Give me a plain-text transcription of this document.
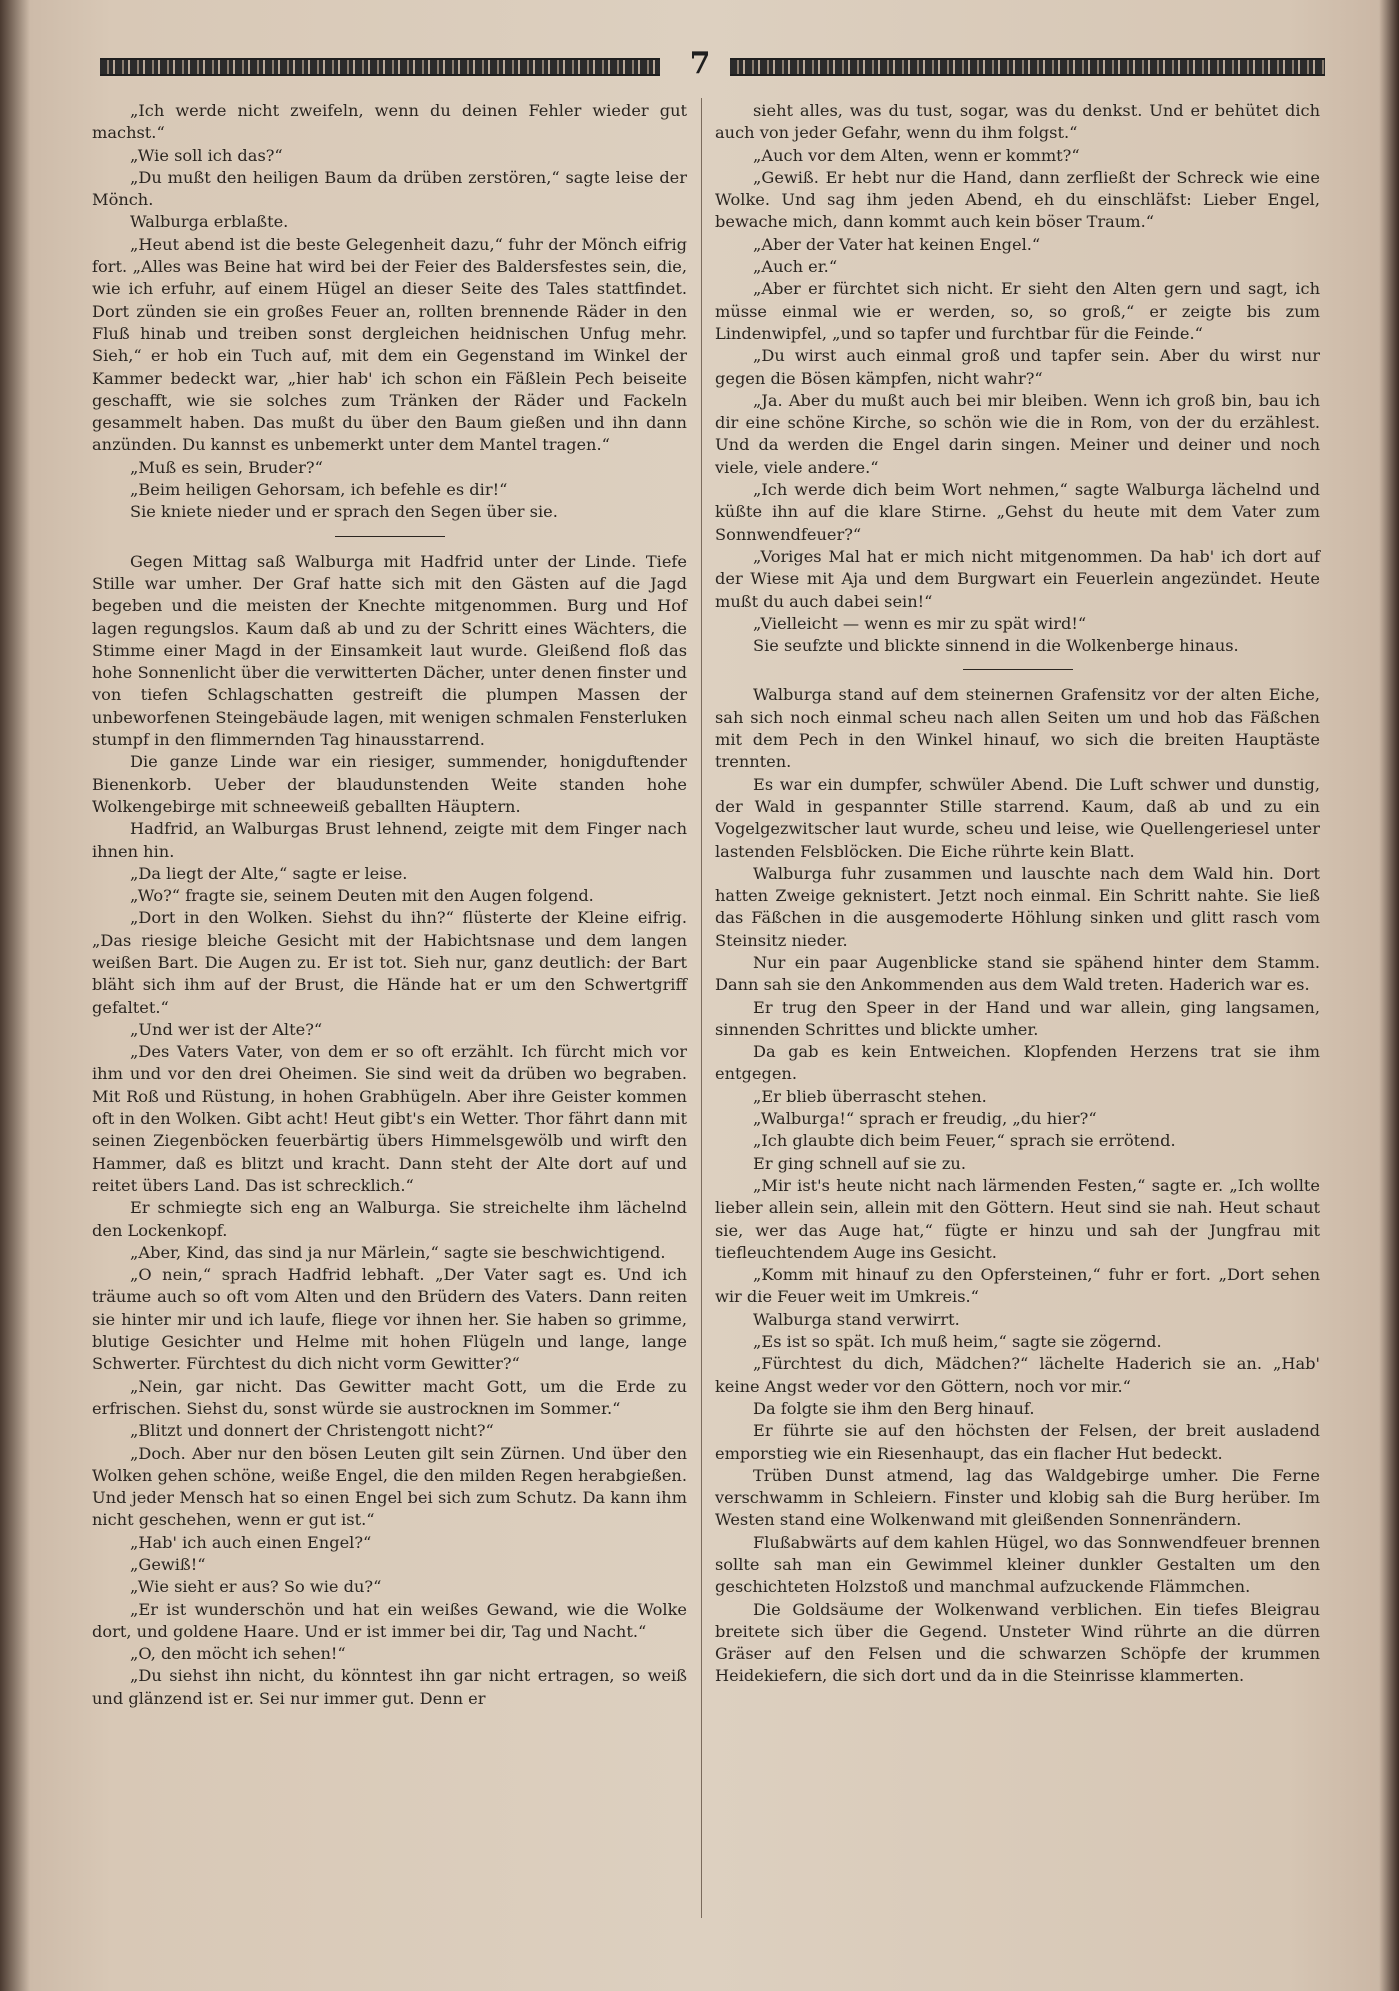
7

„Ich werde nicht zweifeln, wenn du deinen Fehler wieder gut machst.“

„Wie soll ich das?“

„Du mußt den heiligen Baum da drüben zerstören,“ sagte leise der Mönch.

Walburga erblaßte.

„Heut abend ist die beste Gelegenheit dazu,“ fuhr der Mönch eifrig fort. „Alles was Beine hat wird bei der Feier des Baldersfestes sein, die, wie ich erfuhr, auf einem Hügel an dieser Seite des Tales stattfindet. Dort zünden sie ein großes Feuer an, rollten brennende Räder in den Fluß hinab und treiben sonst dergleichen heidnischen Unfug mehr. Sieh,“ er hob ein Tuch auf, mit dem ein Gegenstand im Winkel der Kammer bedeckt war, „hier hab' ich schon ein Fäßlein Pech beiseite geschafft, wie sie solches zum Tränken der Räder und Fackeln gesammelt haben. Das mußt du über den Baum gießen und ihn dann anzünden. Du kannst es unbemerkt unter dem Mantel tragen.“

„Muß es sein, Bruder?“

„Beim heiligen Gehorsam, ich befehle es dir!“

Sie kniete nieder und er sprach den Segen über sie.

Gegen Mittag saß Walburga mit Hadfrid unter der Linde. Tiefe Stille war umher. Der Graf hatte sich mit den Gästen auf die Jagd begeben und die meisten der Knechte mitgenommen. Burg und Hof lagen regungslos. Kaum daß ab und zu der Schritt eines Wächters, die Stimme einer Magd in der Einsamkeit laut wurde. Gleißend floß das hohe Sonnenlicht über die verwitterten Dächer, unter denen finster und von tiefen Schlagschatten gestreift die plumpen Massen der unbeworfenen Steingebäude lagen, mit wenigen schmalen Fensterluken stumpf in den flimmernden Tag hinausstarrend.

Die ganze Linde war ein riesiger, summender, honigduftender Bienenkorb. Ueber der blaudunstenden Weite standen hohe Wolkengebirge mit schneeweiß geballten Häuptern.

Hadfrid, an Walburgas Brust lehnend, zeigte mit dem Finger nach ihnen hin.

„Da liegt der Alte,“ sagte er leise.

„Wo?“ fragte sie, seinem Deuten mit den Augen folgend.

„Dort in den Wolken. Siehst du ihn?“ flüsterte der Kleine eifrig. „Das riesige bleiche Gesicht mit der Habichtsnase und dem langen weißen Bart. Die Augen zu. Er ist tot. Sieh nur, ganz deutlich: der Bart bläht sich ihm auf der Brust, die Hände hat er um den Schwertgriff gefaltet.“

„Und wer ist der Alte?“

„Des Vaters Vater, von dem er so oft erzählt. Ich fürcht mich vor ihm und vor den drei Oheimen. Sie sind weit da drüben wo begraben. Mit Roß und Rüstung, in hohen Grabhügeln. Aber ihre Geister kommen oft in den Wolken. Gibt acht! Heut gibt's ein Wetter. Thor fährt dann mit seinen Ziegenböcken feuerbärtig übers Himmelsgewölb und wirft den Hammer, daß es blitzt und kracht. Dann steht der Alte dort auf und reitet übers Land. Das ist schrecklich.“

Er schmiegte sich eng an Walburga. Sie streichelte ihm lächelnd den Lockenkopf.

„Aber, Kind, das sind ja nur Märlein,“ sagte sie beschwichtigend.

„O nein,“ sprach Hadfrid lebhaft. „Der Vater sagt es. Und ich träume auch so oft vom Alten und den Brüdern des Vaters. Dann reiten sie hinter mir und ich laufe, fliege vor ihnen her. Sie haben so grimme, blutige Gesichter und Helme mit hohen Flügeln und lange, lange Schwerter. Fürchtest du dich nicht vorm Gewitter?“

„Nein, gar nicht. Das Gewitter macht Gott, um die Erde zu erfrischen. Siehst du, sonst würde sie austrocknen im Sommer.“

„Blitzt und donnert der Christengott nicht?“

„Doch. Aber nur den bösen Leuten gilt sein Zürnen. Und über den Wolken gehen schöne, weiße Engel, die den milden Regen herabgießen. Und jeder Mensch hat so einen Engel bei sich zum Schutz. Da kann ihm nicht geschehen, wenn er gut ist.“

„Hab' ich auch einen Engel?“

„Gewiß!“

„Wie sieht er aus? So wie du?“

„Er ist wunderschön und hat ein weißes Gewand, wie die Wolke dort, und goldene Haare. Und er ist immer bei dir, Tag und Nacht.“

„O, den möcht ich sehen!“

„Du siehst ihn nicht, du könntest ihn gar nicht ertragen, so weiß und glänzend ist er. Sei nur immer gut. Denn er

sieht alles, was du tust, sogar, was du denkst. Und er behütet dich auch von jeder Gefahr, wenn du ihm folgst.“

„Auch vor dem Alten, wenn er kommt?“

„Gewiß. Er hebt nur die Hand, dann zerfließt der Schreck wie eine Wolke. Und sag ihm jeden Abend, eh du einschläfst: Lieber Engel, bewache mich, dann kommt auch kein böser Traum.“

„Aber der Vater hat keinen Engel.“

„Auch er.“

„Aber er fürchtet sich nicht. Er sieht den Alten gern und sagt, ich müsse einmal wie er werden, so, so groß,“ er zeigte bis zum Lindenwipfel, „und so tapfer und furchtbar für die Feinde.“

„Du wirst auch einmal groß und tapfer sein. Aber du wirst nur gegen die Bösen kämpfen, nicht wahr?“

„Ja. Aber du mußt auch bei mir bleiben. Wenn ich groß bin, bau ich dir eine schöne Kirche, so schön wie die in Rom, von der du erzählest. Und da werden die Engel darin singen. Meiner und deiner und noch viele, viele andere.“

„Ich werde dich beim Wort nehmen,“ sagte Walburga lächelnd und küßte ihn auf die klare Stirne. „Gehst du heute mit dem Vater zum Sonnwendfeuer?“

„Voriges Mal hat er mich nicht mitgenommen. Da hab' ich dort auf der Wiese mit Aja und dem Burgwart ein Feuerlein angezündet. Heute mußt du auch dabei sein!“

„Vielleicht — wenn es mir zu spät wird!“

Sie seufzte und blickte sinnend in die Wolkenberge hinaus.

Walburga stand auf dem steinernen Grafensitz vor der alten Eiche, sah sich noch einmal scheu nach allen Seiten um und hob das Fäßchen mit dem Pech in den Winkel hinauf, wo sich die breiten Hauptäste trennten.

Es war ein dumpfer, schwüler Abend. Die Luft schwer und dunstig, der Wald in gespannter Stille starrend. Kaum, daß ab und zu ein Vogelgezwitscher laut wurde, scheu und leise, wie Quellengeriesel unter lastenden Felsblöcken. Die Eiche rührte kein Blatt.

Walburga fuhr zusammen und lauschte nach dem Wald hin. Dort hatten Zweige geknistert. Jetzt noch einmal. Ein Schritt nahte. Sie ließ das Fäßchen in die ausgemoderte Höhlung sinken und glitt rasch vom Steinsitz nieder.

Nur ein paar Augenblicke stand sie spähend hinter dem Stamm. Dann sah sie den Ankommenden aus dem Wald treten. Haderich war es.

Er trug den Speer in der Hand und war allein, ging langsamen, sinnenden Schrittes und blickte umher.

Da gab es kein Entweichen. Klopfenden Herzens trat sie ihm entgegen.

„Er blieb überrascht stehen.

„Walburga!“ sprach er freudig, „du hier?“

„Ich glaubte dich beim Feuer,“ sprach sie errötend.

Er ging schnell auf sie zu.

„Mir ist's heute nicht nach lärmenden Festen,“ sagte er. „Ich wollte lieber allein sein, allein mit den Göttern. Heut sind sie nah. Heut schaut sie, wer das Auge hat,“ fügte er hinzu und sah der Jungfrau mit tiefleuchtendem Auge ins Gesicht.

„Komm mit hinauf zu den Opfersteinen,“ fuhr er fort. „Dort sehen wir die Feuer weit im Umkreis.“

Walburga stand verwirrt.

„Es ist so spät. Ich muß heim,“ sagte sie zögernd.

„Fürchtest du dich, Mädchen?“ lächelte Haderich sie an. „Hab' keine Angst weder vor den Göttern, noch vor mir.“

Da folgte sie ihm den Berg hinauf.

Er führte sie auf den höchsten der Felsen, der breit ausladend emporstieg wie ein Riesenhaupt, das ein flacher Hut bedeckt.

Trüben Dunst atmend, lag das Waldgebirge umher. Die Ferne verschwamm in Schleiern. Finster und klobig sah die Burg herüber. Im Westen stand eine Wolkenwand mit gleißenden Sonnenrändern.

Flußabwärts auf dem kahlen Hügel, wo das Sonnwendfeuer brennen sollte sah man ein Gewimmel kleiner dunkler Gestalten um den geschichteten Holzstoß und manchmal aufzuckende Flämmchen.

Die Goldsäume der Wolkenwand verblichen. Ein tiefes Bleigrau breitete sich über die Gegend. Unsteter Wind rührte an die dürren Gräser auf den Felsen und die schwarzen Schöpfe der krummen Heidekiefern, die sich dort und da in die Steinrisse klammerten.
